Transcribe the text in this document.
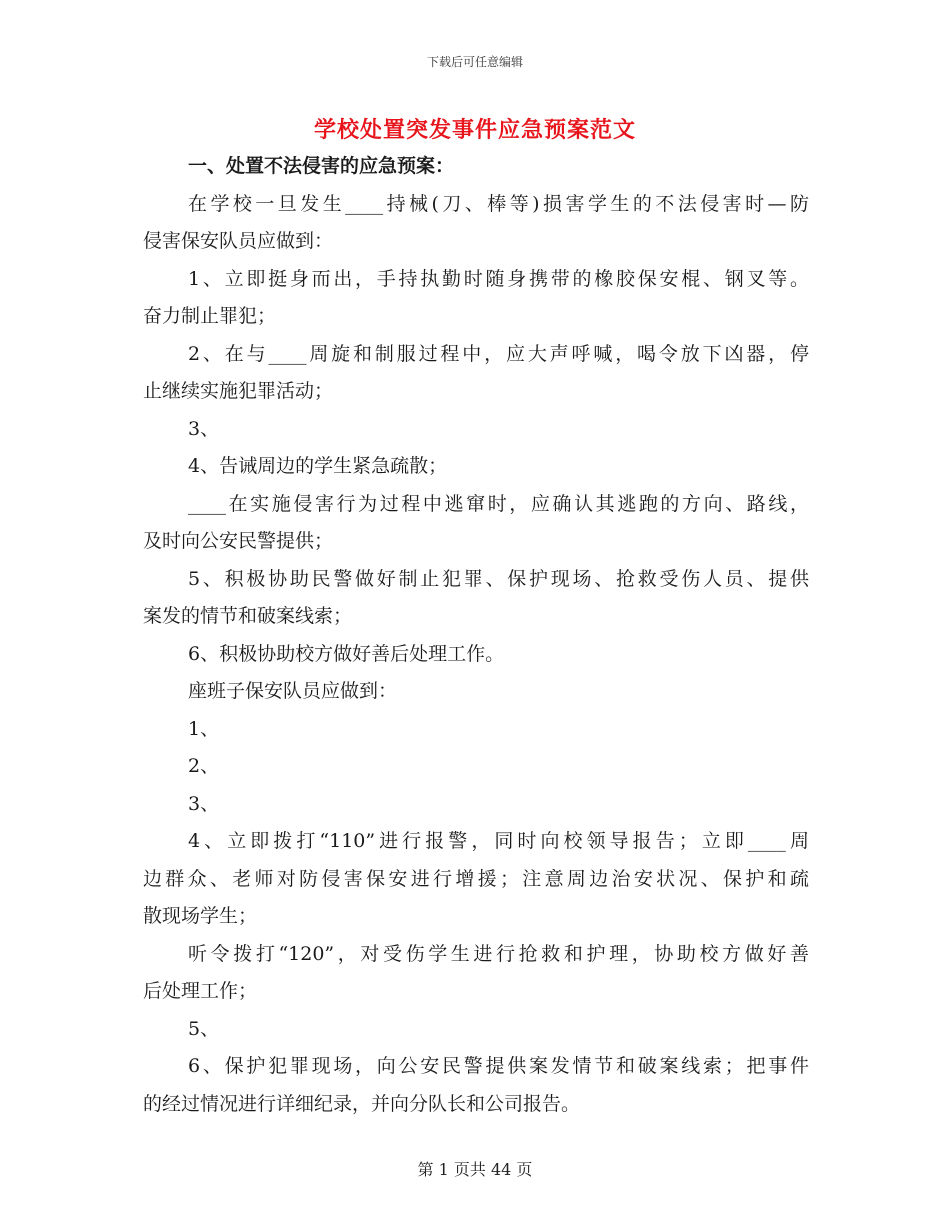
下载后可任意编辑
学校处置突发事件应急预案范文
一、处置不法侵害的应急预案：
在学校一旦发生____持械(刀、棒等)损害学生的不法侵害时—防
侵害保安队员应做到：
1、立即挺身而出，手持执勤时随身携带的橡胶保安棍、钢叉等。
奋力制止罪犯；
2、在与____周旋和制服过程中，应大声呼喊，喝令放下凶器，停
止继续实施犯罪活动；
3、
4、告诫周边的学生紧急疏散；
____在实施侵害行为过程中逃窜时，应确认其逃跑的方向、路线，
及时向公安民警提供；
5、积极协助民警做好制止犯罪、保护现场、抢救受伤人员、提供
案发的情节和破案线索；
6、积极协助校方做好善后处理工作。
座班子保安队员应做到：
1、
2、
3、
4、立即拨打“110”进行报警，同时向校领导报告；立即____周
边群众、老师对防侵害保安进行增援；注意周边治安状况、保护和疏
散现场学生；
听令拨打“120”，对受伤学生进行抢救和护理，协助校方做好善
后处理工作；
5、
6、保护犯罪现场，向公安民警提供案发情节和破案线索；把事件
的经过情况进行详细纪录，并向分队长和公司报告。
第 1 页共 44 页
